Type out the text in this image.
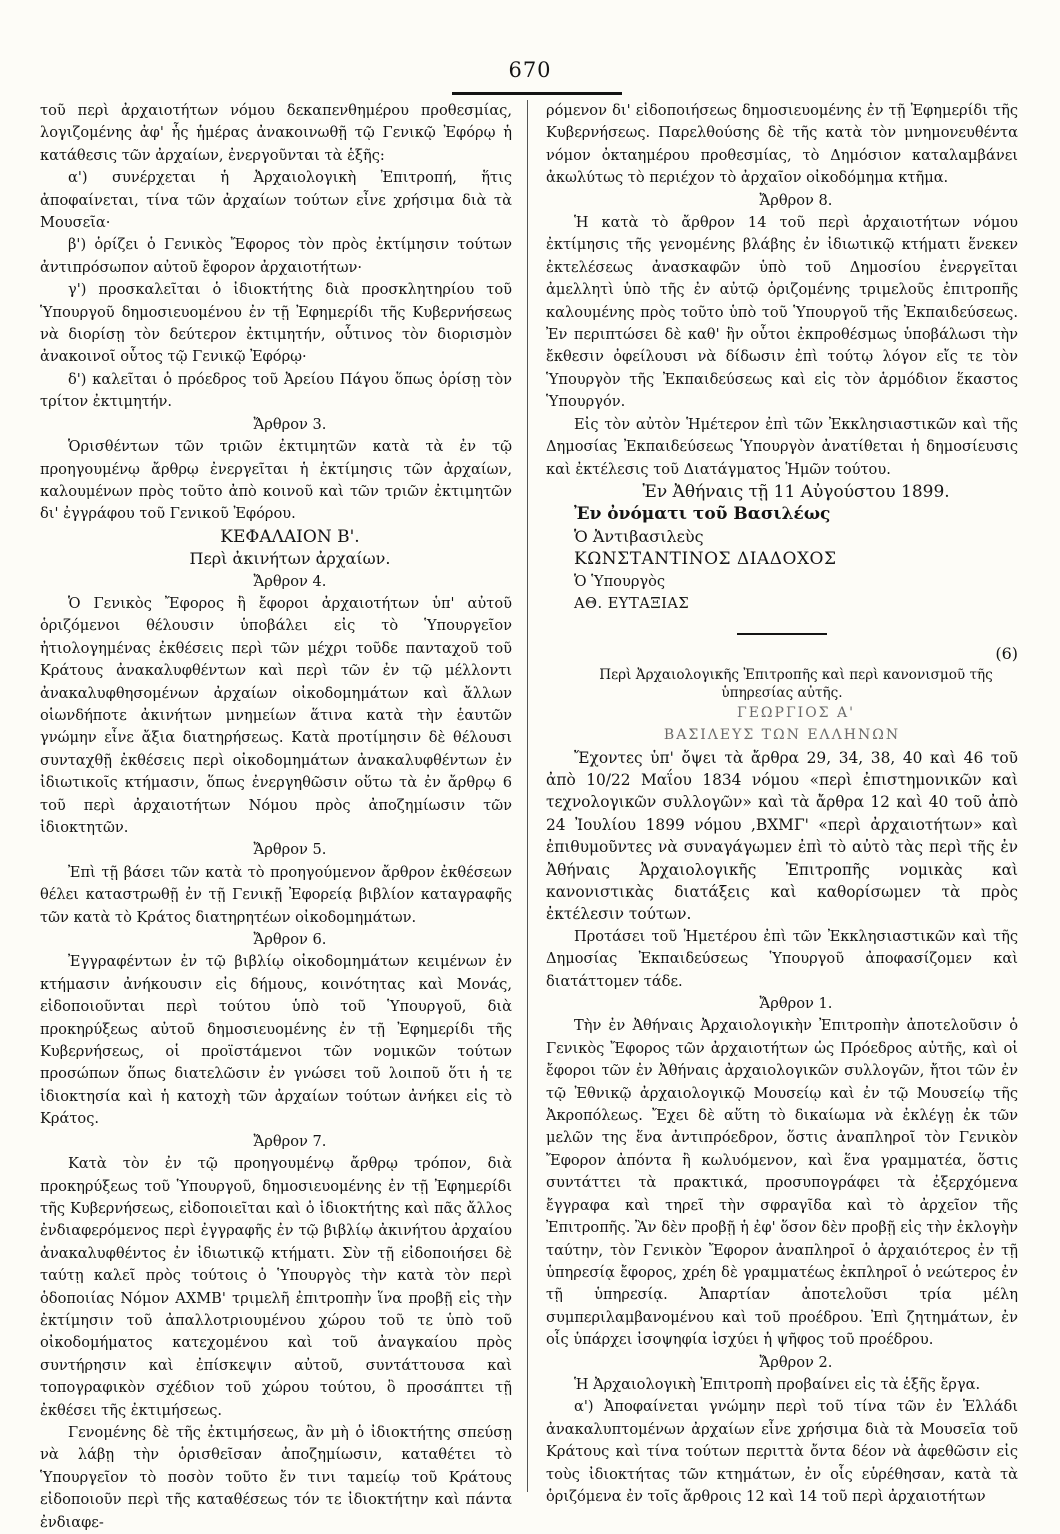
670

τοῦ περὶ ἀρχαιοτήτων νόμου δεκαπενθημέρου προθεσμίας, λογιζομένης ἀφ' ἧς ἡμέρας ἀνακοινωθῇ τῷ Γενικῷ Ἐφόρῳ ἡ κατάθεσις τῶν ἀρχαίων, ἐνεργοῦνται τὰ ἑξῆς:

α') συνέρχεται ἡ Ἀρχαιολογικὴ Ἐπιτροπή, ἥτις ἀποφαίνεται, τίνα τῶν ἀρχαίων τούτων εἶνε χρήσιμα διὰ τὰ Μουσεῖα·

β') ὁρίζει ὁ Γενικὸς Ἔφορος τὸν πρὸς ἐκτίμησιν τούτων ἀντιπρόσωπον αὐτοῦ ἔφορον ἀρχαιοτήτων·

γ') προσκαλεῖται ὁ ἰδιοκτήτης διὰ προσκλητηρίου τοῦ Ὑπουργοῦ δημοσιευομένου ἐν τῇ Ἐφημερίδι τῆς Κυβερνήσεως νὰ διορίσῃ τὸν δεύτερον ἐκτιμητήν, οὗτινος τὸν διορισμὸν ἀνακοινοῖ οὗτος τῷ Γενικῷ Ἐφόρῳ·

δ') καλεῖται ὁ πρόεδρος τοῦ Ἀρείου Πάγου ὅπως ὁρίσῃ τὸν τρίτον ἐκτιμητήν.

Ἄρθρον 3.

Ὁρισθέντων τῶν τριῶν ἐκτιμητῶν κατὰ τὰ ἐν τῷ προηγουμένῳ ἄρθρῳ ἐνεργεῖται ἡ ἐκτίμησις τῶν ἀρχαίων, καλουμένων πρὸς τοῦτο ἀπὸ κοινοῦ καὶ τῶν τριῶν ἐκτιμητῶν δι' ἐγγράφου τοῦ Γενικοῦ Ἐφόρου.

ΚΕΦΑΛΑΙΟΝ Β'.

Περὶ ἀκινήτων ἀρχαίων.

Ἄρθρον 4.

Ὁ Γενικὸς Ἔφορος ἢ ἔφοροι ἀρχαιοτήτων ὑπ' αὐτοῦ ὁριζόμενοι θέλουσιν ὑποβάλει εἰς τὸ Ὑπουργεῖον ἠτιολογημένας ἐκθέσεις περὶ τῶν μέχρι τοῦδε πανταχοῦ τοῦ Κράτους ἀνακαλυφθέντων καὶ περὶ τῶν ἐν τῷ μέλλοντι ἀνακαλυφθησομένων ἀρχαίων οἰκοδομημάτων καὶ ἄλλων οἱωνδήποτε ἀκινήτων μνημείων ἅτινα κατὰ τὴν ἑαυτῶν γνώμην εἶνε ἄξια διατηρήσεως. Κατὰ προτίμησιν δὲ θέλουσι συνταχθῇ ἐκθέσεις περὶ οἰκοδομημάτων ἀνακαλυφθέντων ἐν ἰδιωτικοῖς κτήμασιν, ὅπως ἐνεργηθῶσιν οὕτω τὰ ἐν ἄρθρῳ 6 τοῦ περὶ ἀρχαιοτήτων Νόμου πρὸς ἀποζημίωσιν τῶν ἰδιοκτητῶν.

Ἄρθρον 5.

Ἐπὶ τῇ βάσει τῶν κατὰ τὸ προηγούμενον ἄρθρον ἐκθέσεων θέλει καταστρωθῇ ἐν τῇ Γενικῇ Ἐφορείᾳ βιβλίον καταγραφῆς τῶν κατὰ τὸ Κράτος διατηρητέων οἰκοδομημάτων.

Ἄρθρον 6.

Ἐγγραφέντων ἐν τῷ βιβλίῳ οἰκοδομημάτων κειμένων ἐν κτήμασιν ἀνήκουσιν εἰς δήμους, κοινότητας καὶ Μονάς, εἰδοποιοῦνται περὶ τούτου ὑπὸ τοῦ Ὑπουργοῦ, διὰ προκηρύξεως αὐτοῦ δημοσιευομένης ἐν τῇ Ἐφημερίδι τῆς Κυβερνήσεως, οἱ προϊστάμενοι τῶν νομικῶν τούτων προσώπων ὅπως διατελῶσιν ἐν γνώσει τοῦ λοιποῦ ὅτι ἡ τε ἰδιοκτησία καὶ ἡ κατοχὴ τῶν ἀρχαίων τούτων ἀνήκει εἰς τὸ Κράτος.

Ἄρθρον 7.

Κατὰ τὸν ἐν τῷ προηγουμένῳ ἄρθρῳ τρόπον, διὰ προκηρύξεως τοῦ Ὑπουργοῦ, δημοσιευομένης ἐν τῇ Ἐφημερίδι τῆς Κυβερνήσεως, εἰδοποιεῖται καὶ ὁ ἰδιοκτήτης καὶ πᾶς ἄλλος ἐνδιαφερόμενος περὶ ἐγγραφῆς ἐν τῷ βιβλίῳ ἀκινήτου ἀρχαίου ἀνακαλυφθέντος ἐν ἰδιωτικῷ κτήματι. Σὺν τῇ εἰδοποιήσει δὲ ταύτῃ καλεῖ πρὸς τούτοις ὁ Ὑπουργὸς τὴν κατὰ τὸν περὶ ὁδοποιίας Νόμον ΑΧΜΒ' τριμελῆ ἐπιτροπὴν ἵνα προβῇ εἰς τὴν ἐκτίμησιν τοῦ ἀπαλλοτριουμένου χώρου τοῦ τε ὑπὸ τοῦ οἰκοδομήματος κατεχομένου καὶ τοῦ ἀναγκαίου πρὸς συντήρησιν καὶ ἐπίσκεψιν αὐτοῦ, συντάττουσα καὶ τοπογραφικὸν σχέδιον τοῦ χώρου τούτου, ὃ προσάπτει τῇ ἐκθέσει τῆς ἐκτιμήσεως.

Γενομένης δὲ τῆς ἐκτιμήσεως, ἂν μὴ ὁ ἰδιοκτήτης σπεύσῃ νὰ λάβῃ τὴν ὁρισθεῖσαν ἀποζημίωσιν, καταθέτει τὸ Ὑπουργεῖον τὸ ποσὸν τοῦτο ἔν τινι ταμείῳ τοῦ Κράτους εἰδοποιοῦν περὶ τῆς καταθέσεως τόν τε ἰδιοκτήτην καὶ πάντα ἐνδιαφε-

ρόμενον δι' εἰδοποιήσεως δημοσιευομένης ἐν τῇ Ἐφημερίδι τῆς Κυβερνήσεως. Παρελθούσης δὲ τῆς κατὰ τὸν μνημονευθέντα νόμον ὀκταημέρου προθεσμίας, τὸ Δημόσιον καταλαμβάνει ἀκωλύτως τὸ περιέχον τὸ ἀρχαῖον οἰκοδόμημα κτῆμα.

Ἄρθρον 8.

Ἡ κατὰ τὸ ἄρθρον 14 τοῦ περὶ ἀρχαιοτήτων νόμου ἐκτίμησις τῆς γενομένης βλάβης ἐν ἰδιωτικῷ κτήματι ἕνεκεν ἐκτελέσεως ἀνασκαφῶν ὑπὸ τοῦ Δημοσίου ἐνεργεῖται ἀμελλητὶ ὑπὸ τῆς ἐν αὐτῷ ὁριζομένης τριμελοῦς ἐπιτροπῆς καλουμένης πρὸς τοῦτο ὑπὸ τοῦ Ὑπουργοῦ τῆς Ἐκπαιδεύσεως. Ἐν περιπτώσει δὲ καθ' ἣν οὗτοι ἐκπροθέσμως ὑποβάλωσι τὴν ἔκθεσιν ὀφείλουσι νὰ δίδωσιν ἐπὶ τούτῳ λόγον εἴς τε τὸν Ὑπουργὸν τῆς Ἐκπαιδεύσεως καὶ εἰς τὸν ἁρμόδιον ἕκαστος Ὑπουργόν.

Εἰς τὸν αὐτὸν Ἡμέτερον ἐπὶ τῶν Ἐκκλησιαστικῶν καὶ τῆς Δημοσίας Ἐκπαιδεύσεως Ὑπουργὸν ἀνατίθεται ἡ δημοσίευσις καὶ ἐκτέλεσις τοῦ Διατάγματος Ἡμῶν τούτου.

Ἐν Ἀθήναις τῇ 11 Αὐγούστου 1899.

Ἐν ὀνόματι τοῦ Βασιλέως

Ὁ Ἀντιβασιλεὺς

ΚΩΝΣΤΑΝΤΙΝΟΣ ΔΙΑΔΟΧΟΣ

Ὁ Ὑπουργὸς

ΑΘ. ΕΥΤΑΞΙΑΣ

(6)

Περὶ Ἀρχαιολογικῆς Ἐπιτροπῆς καὶ περὶ κανονισμοῦ τῆς ὑπηρεσίας αὐτῆς.

ΓΕΩΡΓΙΟΣ Α'
ΒΑΣΙΛΕΥΣ ΤΩΝ ΕΛΛΗΝΩΝ

Ἔχοντες ὑπ' ὄψει τὰ ἄρθρα 29, 34, 38, 40 καὶ 46 τοῦ ἀπὸ 10/22 Μαΐου 1834 νόμου «περὶ ἐπιστημονικῶν καὶ τεχνολογικῶν συλλογῶν» καὶ τὰ ἄρθρα 12 καὶ 40 τοῦ ἀπὸ 24 Ἰουλίου 1899 νόμου ,ΒΧΜΓ' «περὶ ἀρχαιοτήτων» καὶ ἐπιθυμοῦντες νὰ συναγάγωμεν ἐπὶ τὸ αὐτὸ τὰς περὶ τῆς ἐν Ἀθήναις Ἀρχαιολογικῆς Ἐπιτροπῆς νομικὰς καὶ κανονιστικὰς διατάξεις καὶ καθορίσωμεν τὰ πρὸς ἐκτέλεσιν τούτων.

Προτάσει τοῦ Ἡμετέρου ἐπὶ τῶν Ἐκκλησιαστικῶν καὶ τῆς Δημοσίας Ἐκπαιδεύσεως Ὑπουργοῦ ἀποφασίζομεν καὶ διατάττομεν τάδε.

Ἄρθρον 1.

Τὴν ἐν Ἀθήναις Ἀρχαιολογικὴν Ἐπιτροπὴν ἀποτελοῦσιν ὁ Γενικὸς Ἔφορος τῶν ἀρχαιοτήτων ὡς Πρόεδρος αὐτῆς, καὶ οἱ ἔφοροι τῶν ἐν Ἀθήναις ἀρχαιολογικῶν συλλογῶν, ἤτοι τῶν ἐν τῷ Ἐθνικῷ ἀρχαιολογικῷ Μουσείῳ καὶ ἐν τῷ Μουσείῳ τῆς Ἀκροπόλεως. Ἔχει δὲ αὕτη τὸ δικαίωμα νὰ ἐκλέγῃ ἐκ τῶν μελῶν της ἕνα ἀντιπρόεδρον, ὅστις ἀναπληροῖ τὸν Γενικὸν Ἔφορον ἀπόντα ἢ κωλυόμενον, καὶ ἕνα γραμματέα, ὅστις συντάττει τὰ πρακτικά, προσυπογράφει τὰ ἐξερχόμενα ἔγγραφα καὶ τηρεῖ τὴν σφραγῖδα καὶ τὸ ἀρχεῖον τῆς Ἐπιτροπῆς. Ἂν δὲν προβῇ ἡ ἐφ' ὅσον δὲν προβῇ εἰς τὴν ἐκλογὴν ταύτην, τὸν Γενικὸν Ἔφορον ἀναπληροῖ ὁ ἀρχαιότερος ἐν τῇ ὑπηρεσίᾳ ἔφορος, χρέη δὲ γραμματέως ἐκπληροῖ ὁ νεώτερος ἐν τῇ ὑπηρεσίᾳ. Ἀπαρτίαν ἀποτελοῦσι τρία μέλη συμπεριλαμβανομένου καὶ τοῦ προέδρου. Ἐπὶ ζητημάτων, ἐν οἷς ὑπάρχει ἰσοψηφία ἰσχύει ἡ ψῆφος τοῦ προέδρου.

Ἄρθρον 2.

Ἡ Ἀρχαιολογικὴ Ἐπιτροπὴ προβαίνει εἰς τὰ ἑξῆς ἔργα.

α') Ἀποφαίνεται γνώμην περὶ τοῦ τίνα τῶν ἐν Ἑλλάδι ἀνακαλυπτομένων ἀρχαίων εἶνε χρήσιμα διὰ τὰ Μουσεῖα τοῦ Κράτους καὶ τίνα τούτων περιττὰ ὄντα δέον νὰ ἀφεθῶσιν εἰς τοὺς ἰδιοκτήτας τῶν κτημάτων, ἐν οἷς εὑρέθησαν, κατὰ τὰ ὁριζόμενα ἐν τοῖς ἄρθροις 12 καὶ 14 τοῦ περὶ ἀρχαιοτήτων
